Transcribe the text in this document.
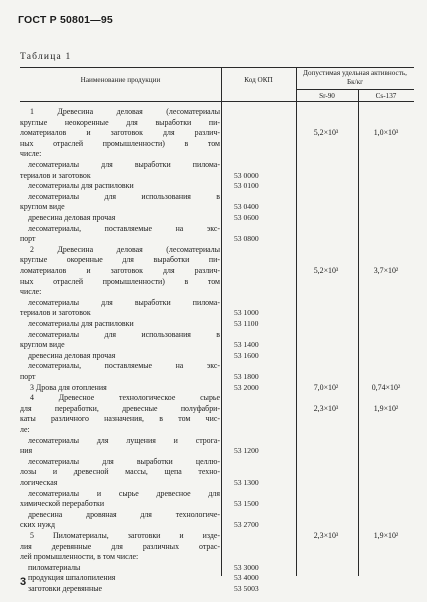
ГОСТ Р 50801—95
Таблица 1
Наименование продукции	Код ОКП
Допустимая удельная активность, Бк/кг
Sr-90	Cs-137
1 Древесина деловая (лесоматериалы
круглые неокоренные для выработки пи-
ломатериалов и заготовок для различ-
ных отраслей промышленности) в том
числе:
5,2×10³	1,0×10³
лесоматериалы для выработки пилома-
териалов и заготовок	53 0000
лесоматериалы для распиловки	53 0100
лесоматериалы для использования в
круглом виде	53 0400
древесина деловая прочая	53 0600
лесоматериалы, поставляемые на экс-
порт	53 0800
2 Древесина деловая (лесоматериалы
круглые окоренные для выработки пи-
ломатериалов и заготовок для различ-
ных отраслей промышленности) в том
числе:
5,2×10³	3,7×10²
лесоматериалы для выработки пилома-
териалов и заготовок	53 1000
лесоматериалы для распиловки	53 1100
лесоматериалы для использования в
круглом виде	53 1400
древесина деловая прочая	53 1600
лесоматериалы, поставляемые на экс-
порт	53 1800
3 Дрова для отопления	53 2000	7,0×10²	0,74×10²
4 Древесное технологическое сырье
для переработки, древесные полуфабри-
каты различного назначения, в том чис-
ле:
2,3×10³	1,9×10²
лесоматериалы для лущения и строга-
ния	53 1200
лесоматериалы для выработки целлю-
лозы и древесной массы, щепа техно-
логическая	53 1300
лесоматериалы и сырье древесное для
химической переработки	53 1500
древесина дровяная для технологиче-
ских нужд	53 2700
5 Пиломатериалы, заготовки и изде-
лия деревянные для различных отрас-
лей промышленности, в том числе:
2,3×10³	1,9×10²
пиломатериалы	53 3000
продукция шпалопиления	53 4000
заготовки деревянные	53 5003
3
